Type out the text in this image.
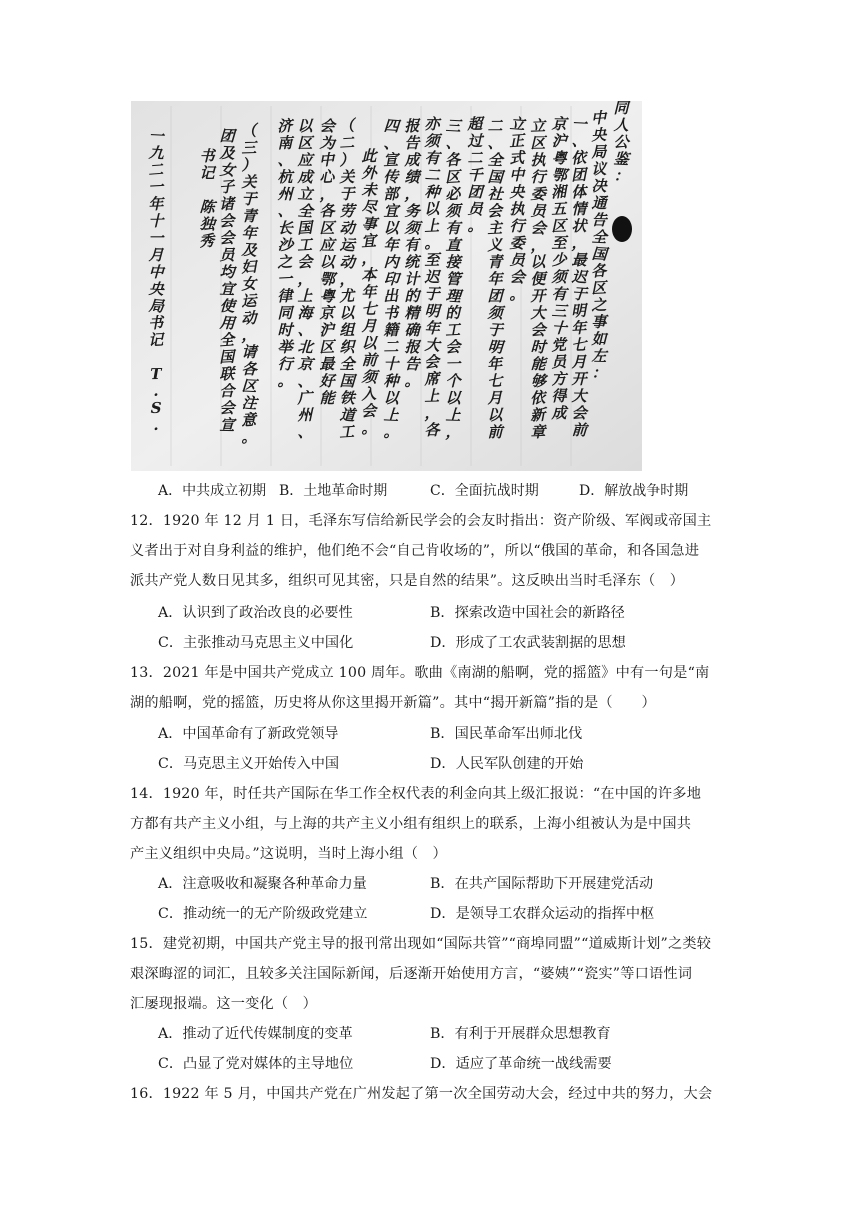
同
人
公
鉴
：
中
央
局
议
决
通
告
全
国
各
区
之
事
如
左
：
一
、
依
团
体
情
状
，
最
迟
于
明
年
七
月
开
大
会
前
京
沪
粤
鄂
湘
五
区
至
少
须
有
三
十
党
员
方
得
成
立
区
执
行
委
员
会
，
以
便
开
大
会
时
能
够
依
新
章
立
正
式
中
央
执
行
委
员
会
。
二
、
全
国
社
会
主
义
青
年
团
须
于
明
年
七
月
以
前
超
过
二
千
团
员
。
三
、
各
区
必
须
有
直
接
管
理
的
工
会
一
个
以
上
，
亦
须
有
二
种
以
上
。
至
迟
于
明
年
大
会
席
上
，
各
报
告
成
绩
，
务
须
有
统
计
的
精
确
报
告
。
四
、
宣
传
部
宜
以
年
内
印
出
书
籍
二
十
种
以
上
。
此
外
未
尽
事
宜
，
本
年
七
月
以
前
须
入
会
。
（
二
）
关
于
劳
动
运
动
，
尤
以
组
织
全
国
铁
道
工
会
为
中
心
，
各
区
应
以
鄂
粤
京
沪
区
最
好
能
以
区
应
成
立
全
国
工
会
，
上
海
、
北
京
、
广
州
、
济
南
、
杭
州
、
长
沙
之
一
律
同
时
举
行
。
（
三
）
关
于
青
年
及
妇
女
运
动
，
请
各
区
注
意
。
团
及
女
子
诸
会
会
员
均
宜
使
用
全
国
联
合
会
宣
书
记
陈
独
秀
一
九
二
一
年
十
一
月
中
央
局
书
记
T
.
S
.
A．中共成立初期 B．土地革命时期	C．全面抗战时期	D．解放战争时期
12．1920 年 12 月 1 日，毛泽东写信给新民学会的会友时指出：资产阶级、军阀或帝国主
义者出于对自身利益的维护，他们绝不会“自己肯收场的”，所以“俄国的革命，和各国急进
派共产党人数日见其多，组织可见其密，只是自然的结果”。这反映出当时毛泽东（　）
A．认识到了政治改良的必要性	B．探索改造中国社会的新路径
C．主张推动马克思主义中国化	D．形成了工农武装割据的思想
13．2021 年是中国共产党成立 100 周年。歌曲《南湖的船啊，党的摇篮》中有一句是“南
湖的船啊，党的摇篮，历史将从你这里揭开新篇”。其中“揭开新篇”指的是（　　）
A．中国革命有了新政党领导	B．国民革命军出师北伐
C．马克思主义开始传入中国	D．人民军队创建的开始
14．1920 年，时任共产国际在华工作全权代表的利金向其上级汇报说：“在中国的许多地
方都有共产主义小组，与上海的共产主义小组有组织上的联系，上海小组被认为是中国共
产主义组织中央局。”这说明，当时上海小组（　）
A．注意吸收和凝聚各种革命力量	B．在共产国际帮助下开展建党活动
C．推动统一的无产阶级政党建立	D．是领导工农群众运动的指挥中枢
15．建党初期，中国共产党主导的报刊常出现如“国际共管”“商埠同盟”“道威斯计划”之类较
艰深晦涩的词汇，且较多关注国际新闻，后逐渐开始使用方言，“婆姨”“瓷实”等口语性词
汇屡现报端。这一变化（　）
A．推动了近代传媒制度的变革	B．有利于开展群众思想教育
C．凸显了党对媒体的主导地位	D．适应了革命统一战线需要
16．1922 年 5 月，中国共产党在广州发起了第一次全国劳动大会，经过中共的努力，大会
